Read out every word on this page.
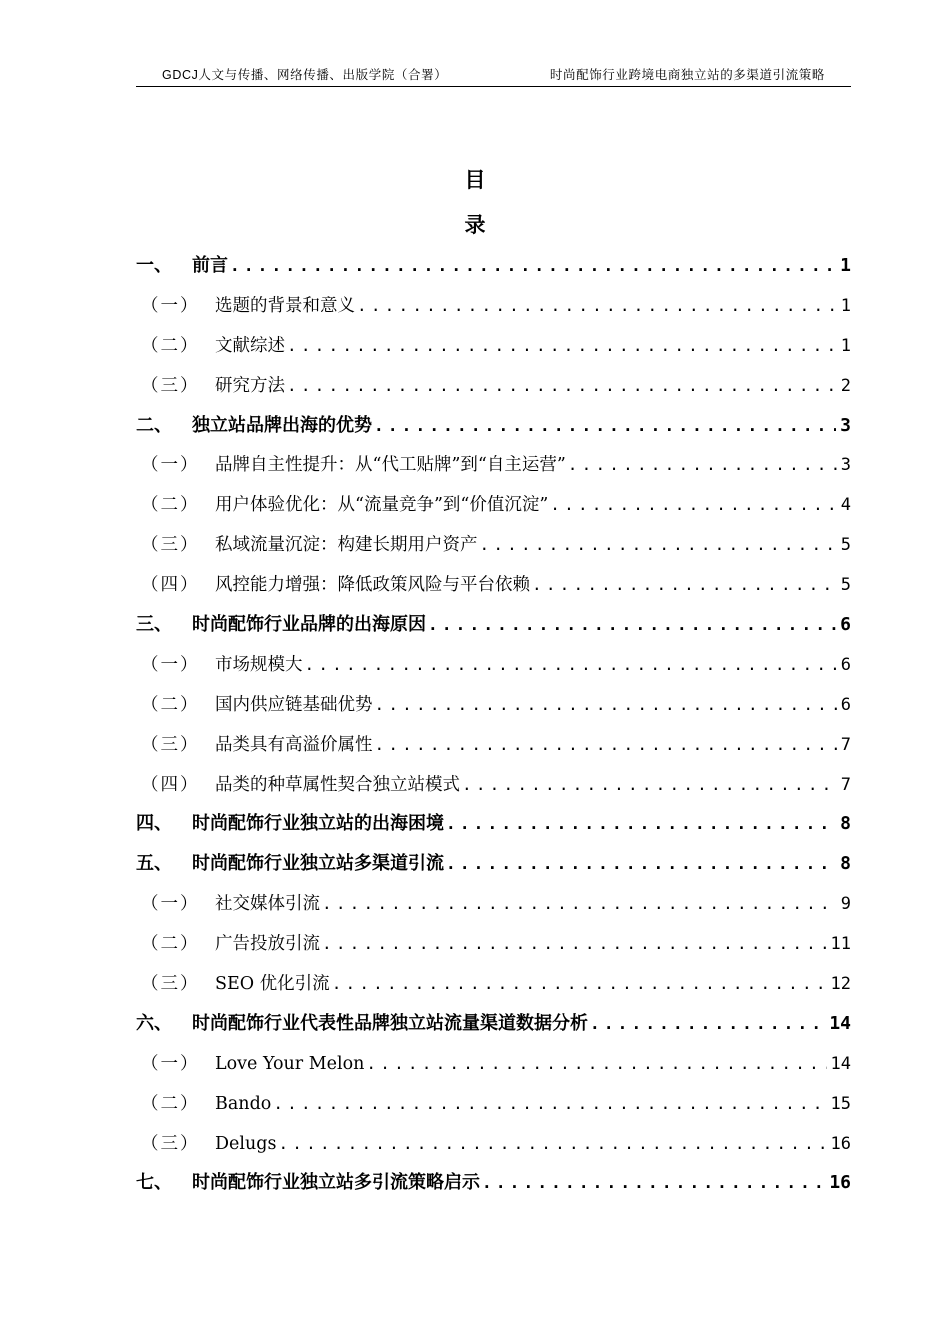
GDCJ人文与传播、网络传播、出版学院（合署）	时尚配饰行业跨境电商独立站的多渠道引流策略
目
录
一、	前言 .....	1
（一） 选题的背景和意义 .....	1
（二） 文献综述 .....	1
（三） 研究方法 .....	2
二、	独立站品牌出海的优势 .....	3
（一） 品牌自主性提升：从“代工贴牌”到“自主运营” .....	3
（二） 用户体验优化：从“流量竞争”到“价值沉淀” .....	4
（三） 私域流量沉淀：构建长期用户资产 .....	5
（四） 风控能力增强：降低政策风险与平台依赖 .....	5
三、	时尚配饰行业品牌的出海原因 .....	6
（一） 市场规模大 .....	6
（二） 国内供应链基础优势 .....	6
（三） 品类具有高溢价属性 .....	7
（四） 品类的种草属性契合独立站模式 .....	7
四、	时尚配饰行业独立站的出海困境 .....	8
五、	时尚配饰行业独立站多渠道引流 .....	8
（一） 社交媒体引流 .....	9
（二） 广告投放引流 .....	11
（三） SEO 优化引流 .....	12
六、	时尚配饰行业代表性品牌独立站流量渠道数据分析 .....	14
（一） Love Your Melon .....	14
（二） Bando .....	15
（三） Delugs .....	16
七、	时尚配饰行业独立站多引流策略启示 .....	16
